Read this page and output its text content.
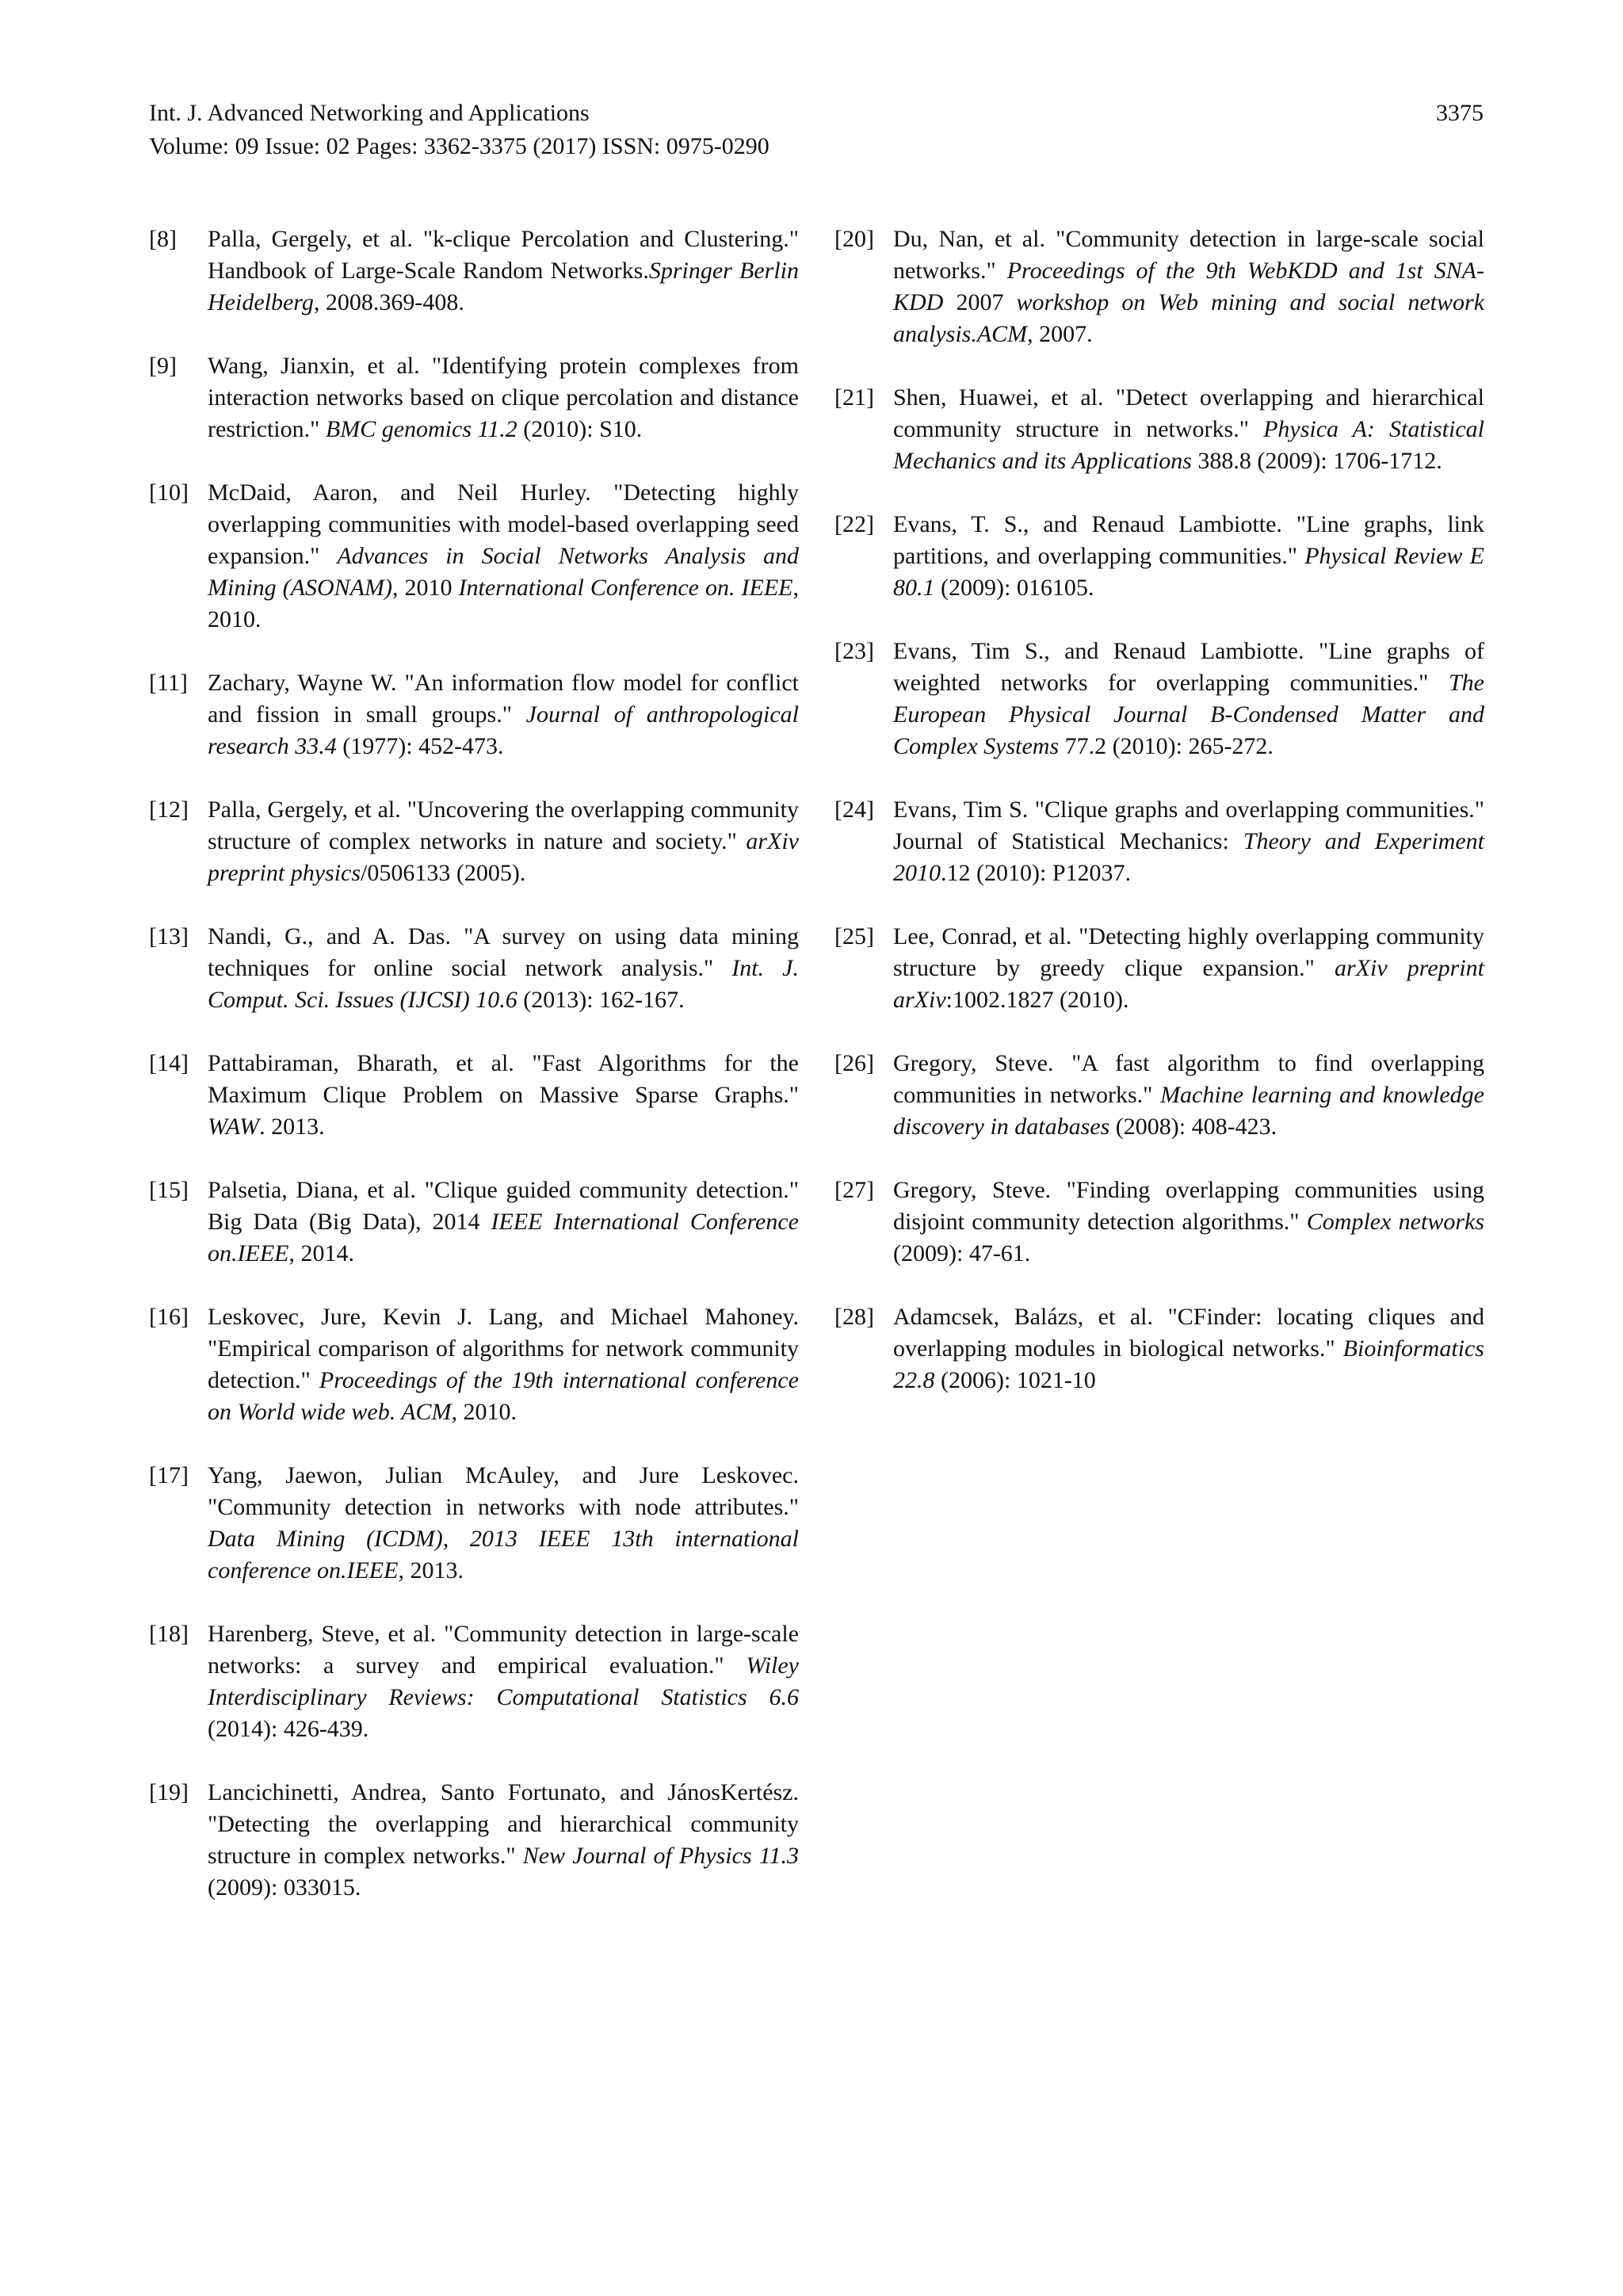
Int. J. Advanced Networking and Applications
Volume: 09 Issue: 02 Pages: 3362-3375 (2017) ISSN: 0975-0290
3375
[8]	Palla, Gergely, et al. "k-clique Percolation and Clustering." Handbook of Large-Scale Random Networks.Springer Berlin Heidelberg, 2008.369-408.
[9]	Wang, Jianxin, et al. "Identifying protein complexes from interaction networks based on clique percolation and distance restriction." BMC genomics 11.2 (2010): S10.
[10] McDaid, Aaron, and Neil Hurley. "Detecting highly overlapping communities with model-based overlapping seed expansion." Advances in Social Networks Analysis and Mining (ASONAM), 2010 International Conference on. IEEE, 2010.
[11] Zachary, Wayne W. "An information flow model for conflict and fission in small groups." Journal of anthropological research 33.4 (1977): 452-473.
[12] Palla, Gergely, et al. "Uncovering the overlapping community structure of complex networks in nature and society." arXiv preprint physics/0506133 (2005).
[13] Nandi, G., and A. Das. "A survey on using data mining techniques for online social network analysis." Int. J. Comput. Sci. Issues (IJCSI) 10.6 (2013): 162-167.
[14] Pattabiraman, Bharath, et al. "Fast Algorithms for the Maximum Clique Problem on Massive Sparse Graphs." WAW. 2013.
[15] Palsetia, Diana, et al. "Clique guided community detection." Big Data (Big Data), 2014 IEEE International Conference on.IEEE, 2014.
[16] Leskovec, Jure, Kevin J. Lang, and Michael Mahoney. "Empirical comparison of algorithms for network community detection." Proceedings of the 19th international conference on World wide web. ACM, 2010.
[17] Yang, Jaewon, Julian McAuley, and Jure Leskovec. "Community detection in networks with node attributes." Data Mining (ICDM), 2013 IEEE 13th international conference on.IEEE, 2013.
[18] Harenberg, Steve, et al. "Community detection in large-scale networks: a survey and empirical evaluation." Wiley Interdisciplinary Reviews: Computational Statistics 6.6 (2014): 426-439.
[19] Lancichinetti, Andrea, Santo Fortunato, and JánosKertész. "Detecting the overlapping and hierarchical community structure in complex networks." New Journal of Physics 11.3 (2009): 033015.
[20] Du, Nan, et al. "Community detection in large-scale social networks." Proceedings of the 9th WebKDD and 1st SNA-KDD 2007 workshop on Web mining and social network analysis.ACM, 2007.
[21] Shen, Huawei, et al. "Detect overlapping and hierarchical community structure in networks." Physica A: Statistical Mechanics and its Applications 388.8 (2009): 1706-1712.
[22] Evans, T. S., and Renaud Lambiotte. "Line graphs, link partitions, and overlapping communities." Physical Review E 80.1 (2009): 016105.
[23] Evans, Tim S., and Renaud Lambiotte. "Line graphs of weighted networks for overlapping communities." The European Physical Journal B-Condensed Matter and Complex Systems 77.2 (2010): 265-272.
[24] Evans, Tim S. "Clique graphs and overlapping communities." Journal of Statistical Mechanics: Theory and Experiment 2010.12 (2010): P12037.
[25] Lee, Conrad, et al. "Detecting highly overlapping community structure by greedy clique expansion." arXiv preprint arXiv:1002.1827 (2010).
[26] Gregory, Steve. "A fast algorithm to find overlapping communities in networks." Machine learning and knowledge discovery in databases (2008): 408-423.
[27] Gregory, Steve. "Finding overlapping communities using disjoint community detection algorithms." Complex networks (2009): 47-61.
[28] Adamcsek, Balázs, et al. "CFinder: locating cliques and overlapping modules in biological networks." Bioinformatics 22.8 (2006): 1021-10
